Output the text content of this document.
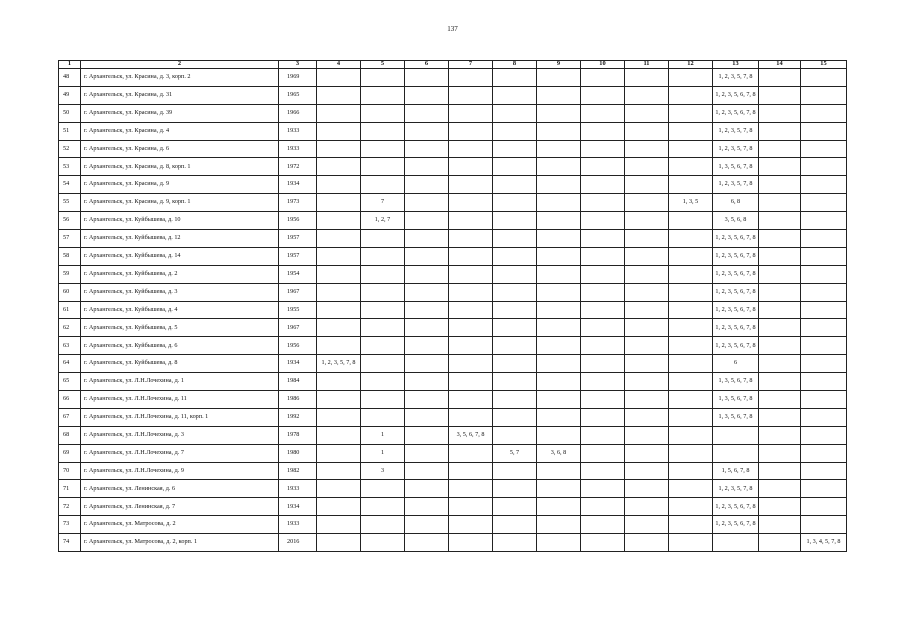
137
1	2	3	4	5	6	7	8	9	10	11	12	13	14	15
48	г. Архангельск, ул. Красина, д. 3, корп. 2	1969										1, 2, 3, 5, 7, 8		
49	г. Архангельск, ул. Красина, д. 31	1965										1, 2, 3, 5, 6, 7, 8		
50	г. Архангельск, ул. Красина, д. 39	1966										1, 2, 3, 5, 6, 7, 8		
51	г. Архангельск, ул. Красина, д. 4	1933										1, 2, 3, 5, 7, 8		
52	г. Архангельск, ул. Красина, д. 6	1933										1, 2, 3, 5, 7, 8		
53	г. Архангельск, ул. Красина, д. 8, корп. 1	1972										1, 3, 5, 6, 7, 8		
54	г. Архангельск, ул. Красина, д. 9	1934										1, 2, 3, 5, 7, 8		
55	г. Архангельск, ул. Красина, д. 9, корп. 1	1973		7							1, 3, 5	6, 8		
56	г. Архангельск, ул. Куйбышева, д. 10	1956		1, 2, 7								3, 5, 6, 8		
57	г. Архангельск, ул. Куйбышева, д. 12	1957										1, 2, 3, 5, 6, 7, 8		
58	г. Архангельск, ул. Куйбышева, д. 14	1957										1, 2, 3, 5, 6, 7, 8		
59	г. Архангельск, ул. Куйбышева, д. 2	1954										1, 2, 3, 5, 6, 7, 8		
60	г. Архангельск, ул. Куйбышева, д. 3	1967										1, 2, 3, 5, 6, 7, 8		
61	г. Архангельск, ул. Куйбышева, д. 4	1955										1, 2, 3, 5, 6, 7, 8		
62	г. Архангельск, ул. Куйбышева, д. 5	1967										1, 2, 3, 5, 6, 7, 8		
63	г. Архангельск, ул. Куйбышева, д. 6	1956										1, 2, 3, 5, 6, 7, 8		
64	г. Архангельск, ул. Куйбышева, д. 8	1934	1, 2, 3, 5, 7, 8									6		
65	г. Архангельск, ул. Л.Н.Лочехина, д. 1	1984										1, 3, 5, 6, 7, 8		
66	г. Архангельск, ул. Л.Н.Лочехина, д. 11	1986										1, 3, 5, 6, 7, 8		
67	г. Архангельск, ул. Л.Н.Лочехина, д. 11, корп. 1	1992										1, 3, 5, 6, 7, 8		
68	г. Архангельск, ул. Л.Н.Лочехина, д. 3	1978		1		3, 5, 6, 7, 8								
69	г. Архангельск, ул. Л.Н.Лочехина, д. 7	1980		1			5, 7	3, 6, 8						
70	г. Архангельск, ул. Л.Н.Лочехина, д. 9	1982		3								1, 5, 6, 7, 8		
71	г. Архангельск, ул. Ленинская, д. 6	1933										1, 2, 3, 5, 7, 8		
72	г. Архангельск, ул. Ленинская, д. 7	1934										1, 2, 3, 5, 6, 7, 8		
73	г. Архангельск, ул. Матросова, д. 2	1933										1, 2, 3, 5, 6, 7, 8		
74	г. Архангельск, ул. Матросова, д. 2, корп. 1	2016												1, 3, 4, 5, 7, 8
